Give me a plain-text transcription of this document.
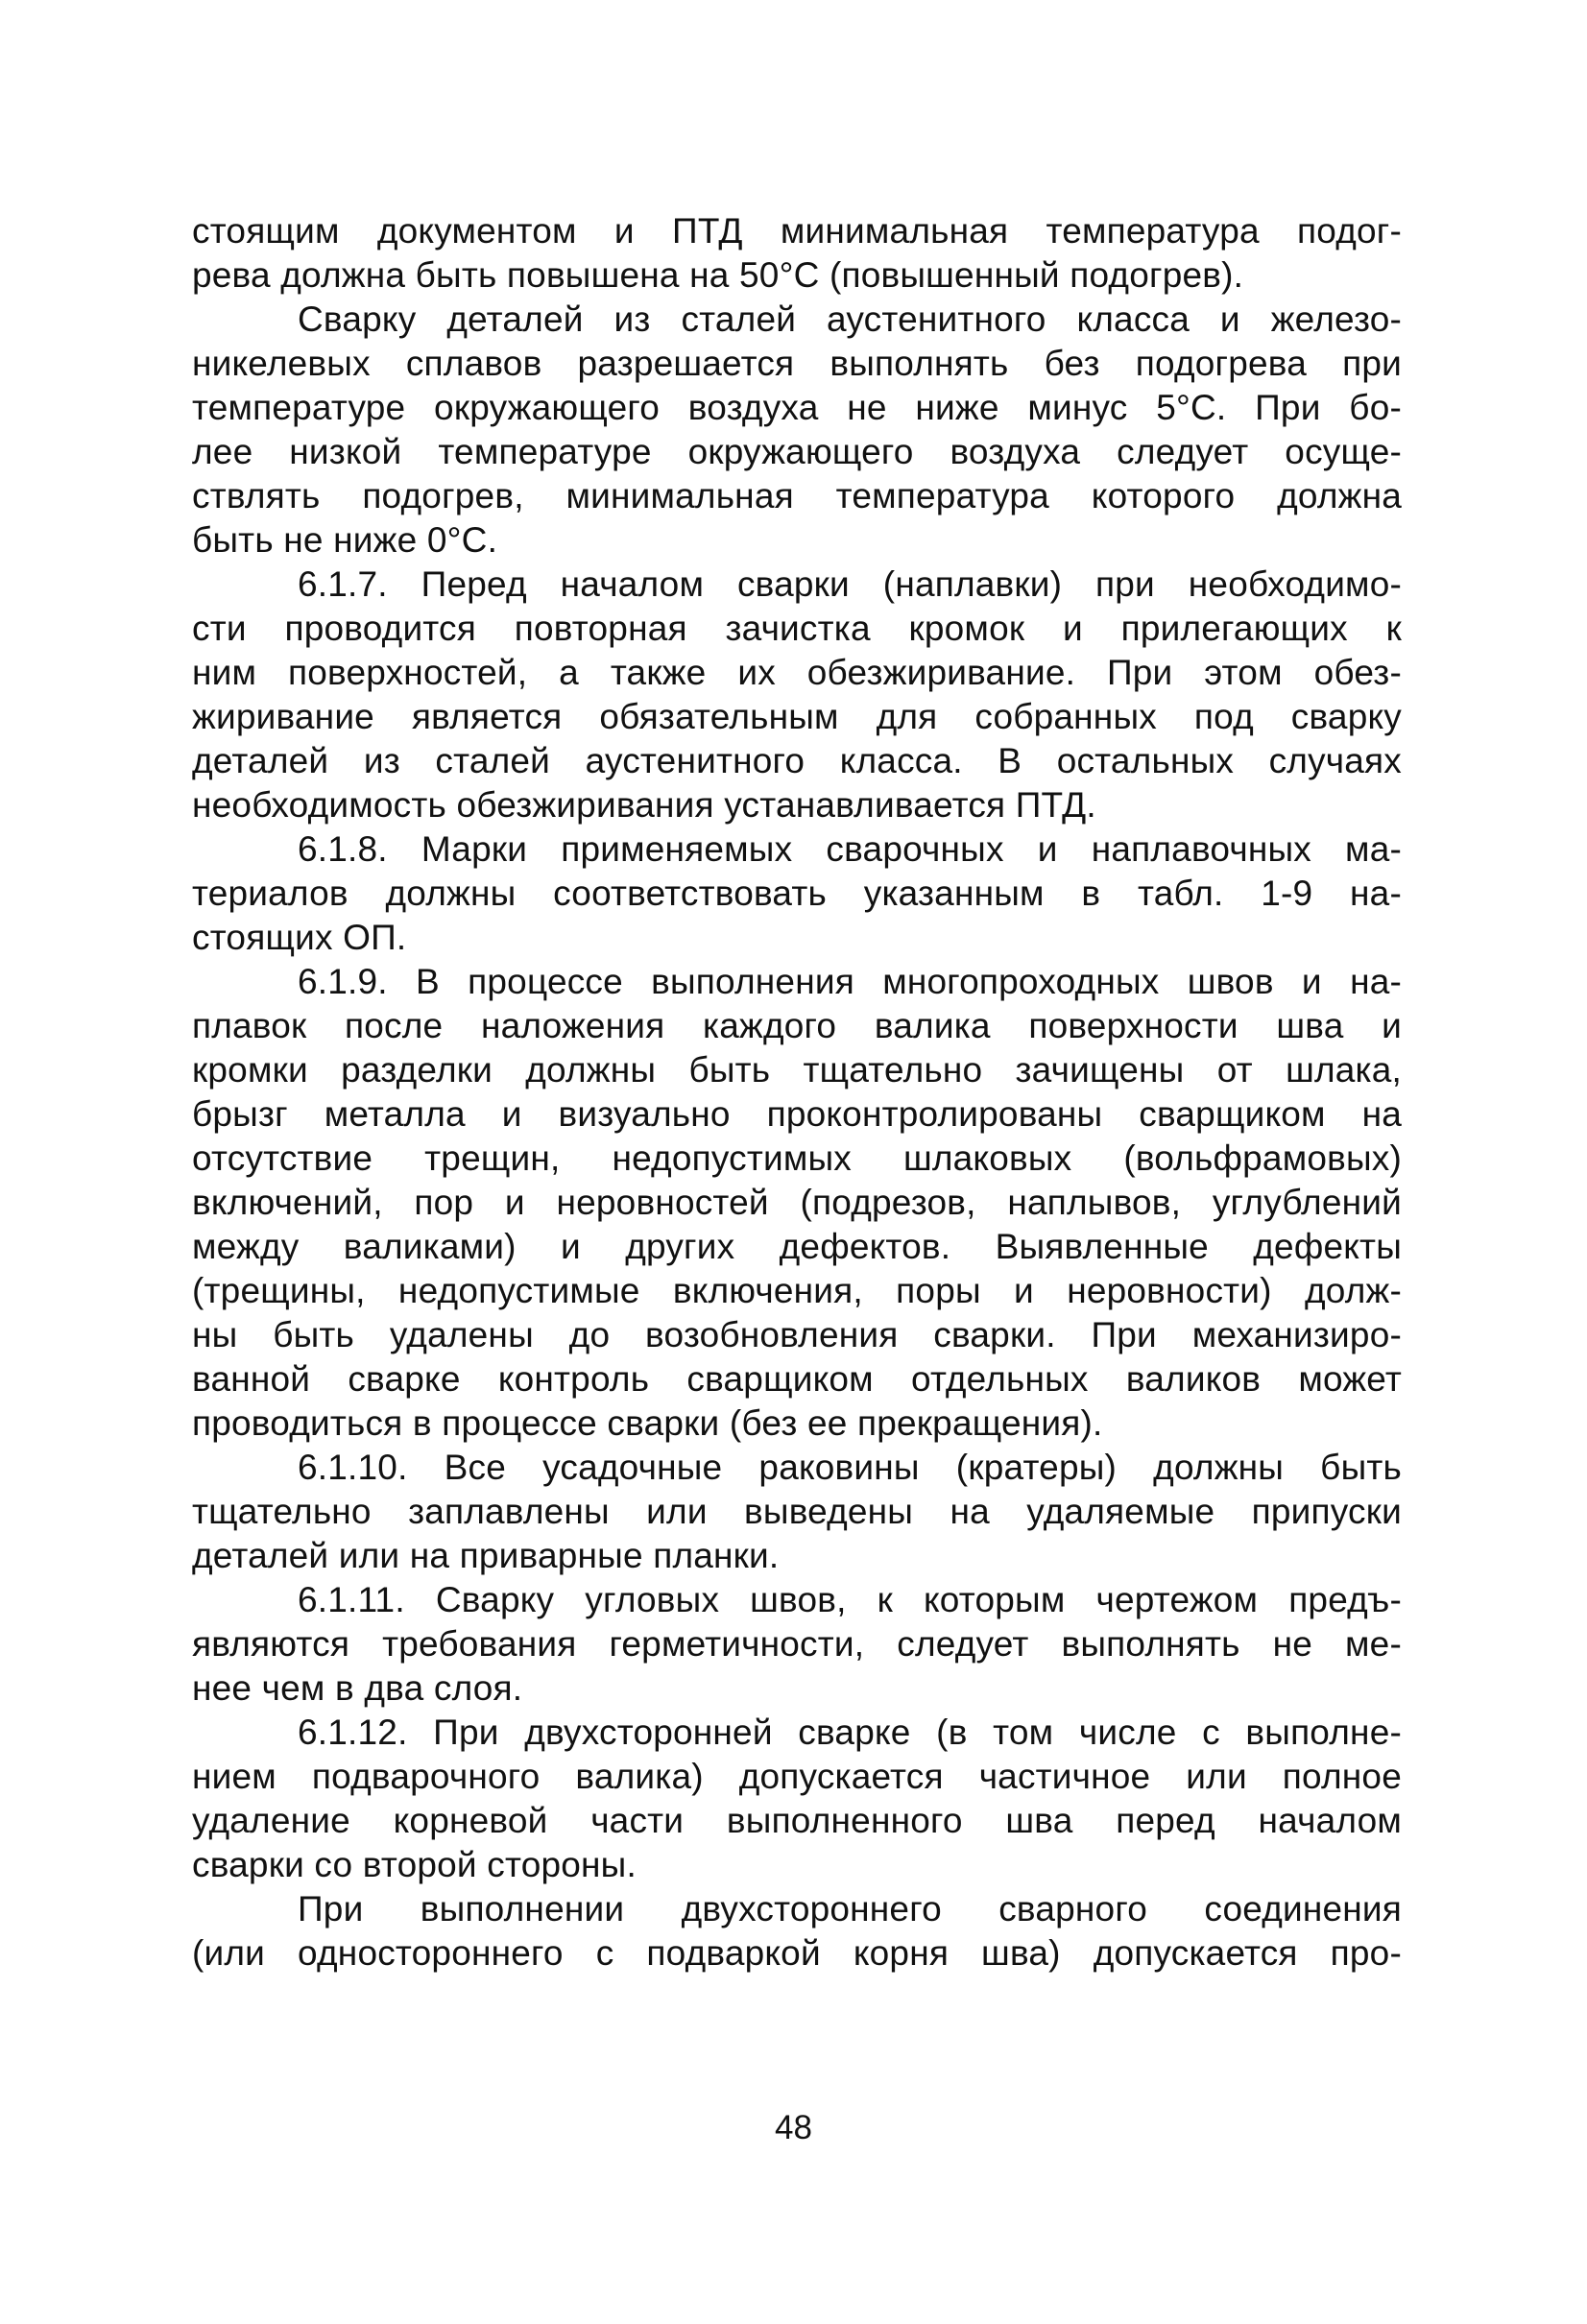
стоящим документом и ПТД минимальная температура подог-
рева должна быть повышена на 50°С (повышенный подогрев).
Сварку деталей из сталей аустенитного класса и железо-
никелевых сплавов разрешается выполнять без подогрева при
температуре окружающего воздуха не ниже минус 5°С. При бо-
лее низкой температуре окружающего воздуха следует осуще-
ствлять подогрев, минимальная температура которого должна
быть не ниже 0°С.
6.1.7. Перед началом сварки (наплавки) при необходимо-
сти проводится повторная зачистка кромок и прилегающих к
ним поверхностей, а также их обезжиривание. При этом обез-
жиривание является обязательным для собранных под сварку
деталей из сталей аустенитного класса. В остальных случаях
необходимость обезжиривания устанавливается ПТД.
6.1.8. Марки применяемых сварочных и наплавочных ма-
териалов должны соответствовать указанным в табл. 1-9 на-
стоящих ОП.
6.1.9. В процессе выполнения многопроходных швов и на-
плавок после наложения каждого валика поверхности шва и
кромки разделки должны быть тщательно зачищены от шлака,
брызг металла и визуально проконтролированы сварщиком на
отсутствие трещин, недопустимых шлаковых (вольфрамовых)
включений, пор и неровностей (подрезов, наплывов, углублений
между валиками) и других дефектов. Выявленные дефекты
(трещины, недопустимые включения, поры и неровности) долж-
ны быть удалены до возобновления сварки. При механизиро-
ванной сварке контроль сварщиком отдельных валиков может
проводиться в процессе сварки (без ее прекращения).
6.1.10. Все усадочные раковины (кратеры) должны быть
тщательно заплавлены или выведены на удаляемые припуски
деталей или на приварные планки.
6.1.11. Сварку угловых швов, к которым чертежом предъ-
являются требования герметичности, следует выполнять не ме-
нее чем в два слоя.
6.1.12. При двухсторонней сварке (в том числе с выполне-
нием подварочного валика) допускается частичное или полное
удаление корневой части выполненного шва перед началом
сварки со второй стороны.
При выполнении двухстороннего сварного соединения
(или одностороннего с подваркой корня шва) допускается про-
48
